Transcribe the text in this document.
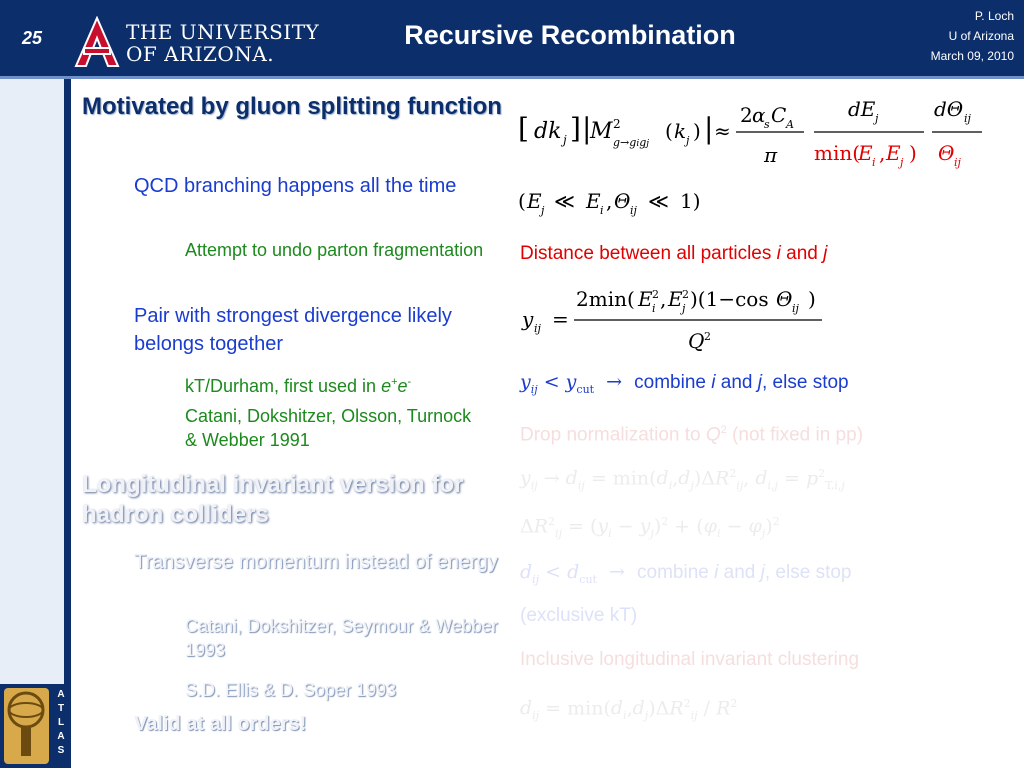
25	THE UNIVERSITY
OF ARIZONA.
Recursive Recombination
P. Loch
U of Arizona
March 09, 2010
ATLAS
Motivated by gluon splitting function
QCD branching happens all the time
Attempt to undo parton fragmentation
Pair with strongest divergence likely belongs together
kT/Durham, first used in e+e-
Catani, Dokshitzer, Olsson, Turnock & Webber 1991
Longitudinal invariant version for hadron colliders
Transverse momentum instead of energy
Catani, Dokshitzer, Seymour & Webber 1993
S.D. Ellis & D. Soper 1993
Valid at all orders!
[ dk j ] |
M 2
g→gigj
( k j ) | ≈
2 α
s C A
π
dE j
min(
E i , E j )
dΘ ij
Θ ij
( E j ≪ E i , Θ ij ≪ 1)
Distance between all particles i and j
y ij =
2min( E 2
i , E 2
j )(1−cos Θ ij )
Q 2
$y_{ij} < y_{cut}$  →  combine i and j, else stop
Drop normalization to $Q^2$ (not fixed in pp)
$y_{ij} \to d_{ij} = \min(d_i,d_j)\Delta R^2_{ij}$, $d_{i,j} = p^2_{T,i,j}$
$\Delta R^2_{ij} = (y_i - y_j)^2 + (\varphi_i - \varphi_j)^2$
$d_{ij} < d_{cut}$  →  combine i and j, else stop
(exclusive kT)
Inclusive longitudinal invariant clustering
$d_{ij} = \min(d_i,d_j)\Delta R^2_{ij}$ ∕ $R^2$
